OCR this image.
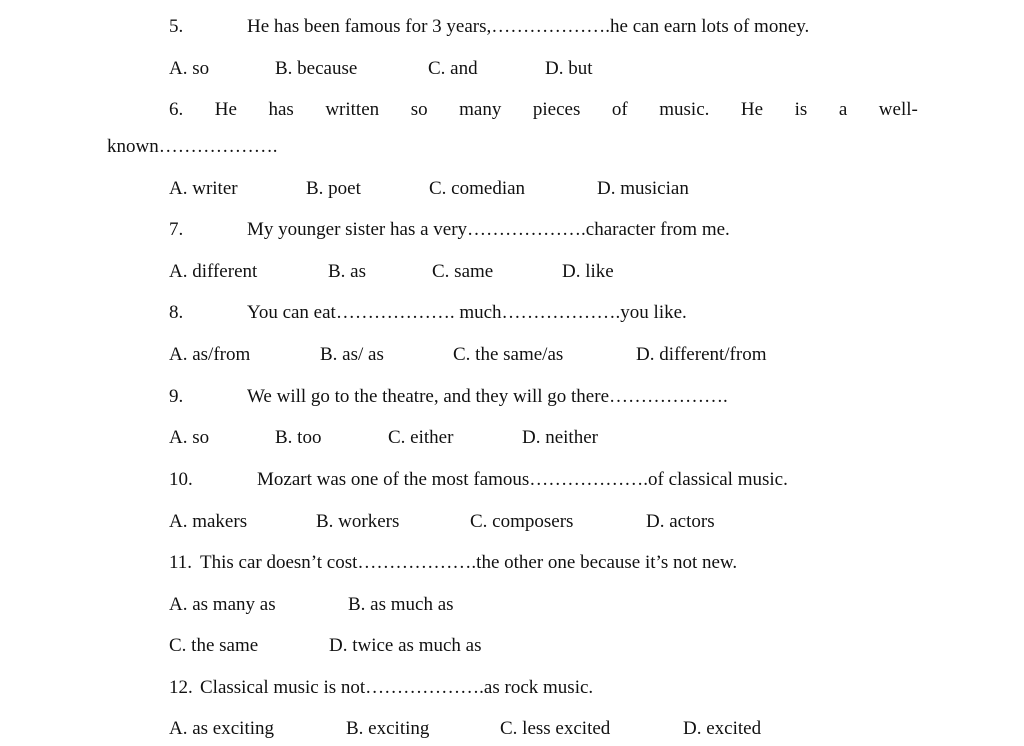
5.	He has been famous for 3 years,……………….he can earn lots of money.
A. so	B. because	C. and	D. but
6. He has written so many pieces of music. He is a well-
known……………….
A. writer	B. poet	C. comedian	D. musician
7.	My younger sister has a very……………….character from me.
A. different	B. as	C. same	D. like
8.	You can eat………………. much……………….you like.
A. as/from	B. as/ as	C. the same/as	D. different/from
9.	We will go to the theatre, and they will go there……………….
A. so	B. too	C. either	D. neither
10.	Mozart was one of the most famous……………….of classical music.
A. makers	B. workers	C. composers	D. actors
11. This car doesn’t cost……………….the other one because it’s not new.
A. as many as	B. as much as
C. the same	D. twice as much as
12. Classical music is not……………….as rock music.
A. as exciting	B. exciting	C. less excited	D. excited
